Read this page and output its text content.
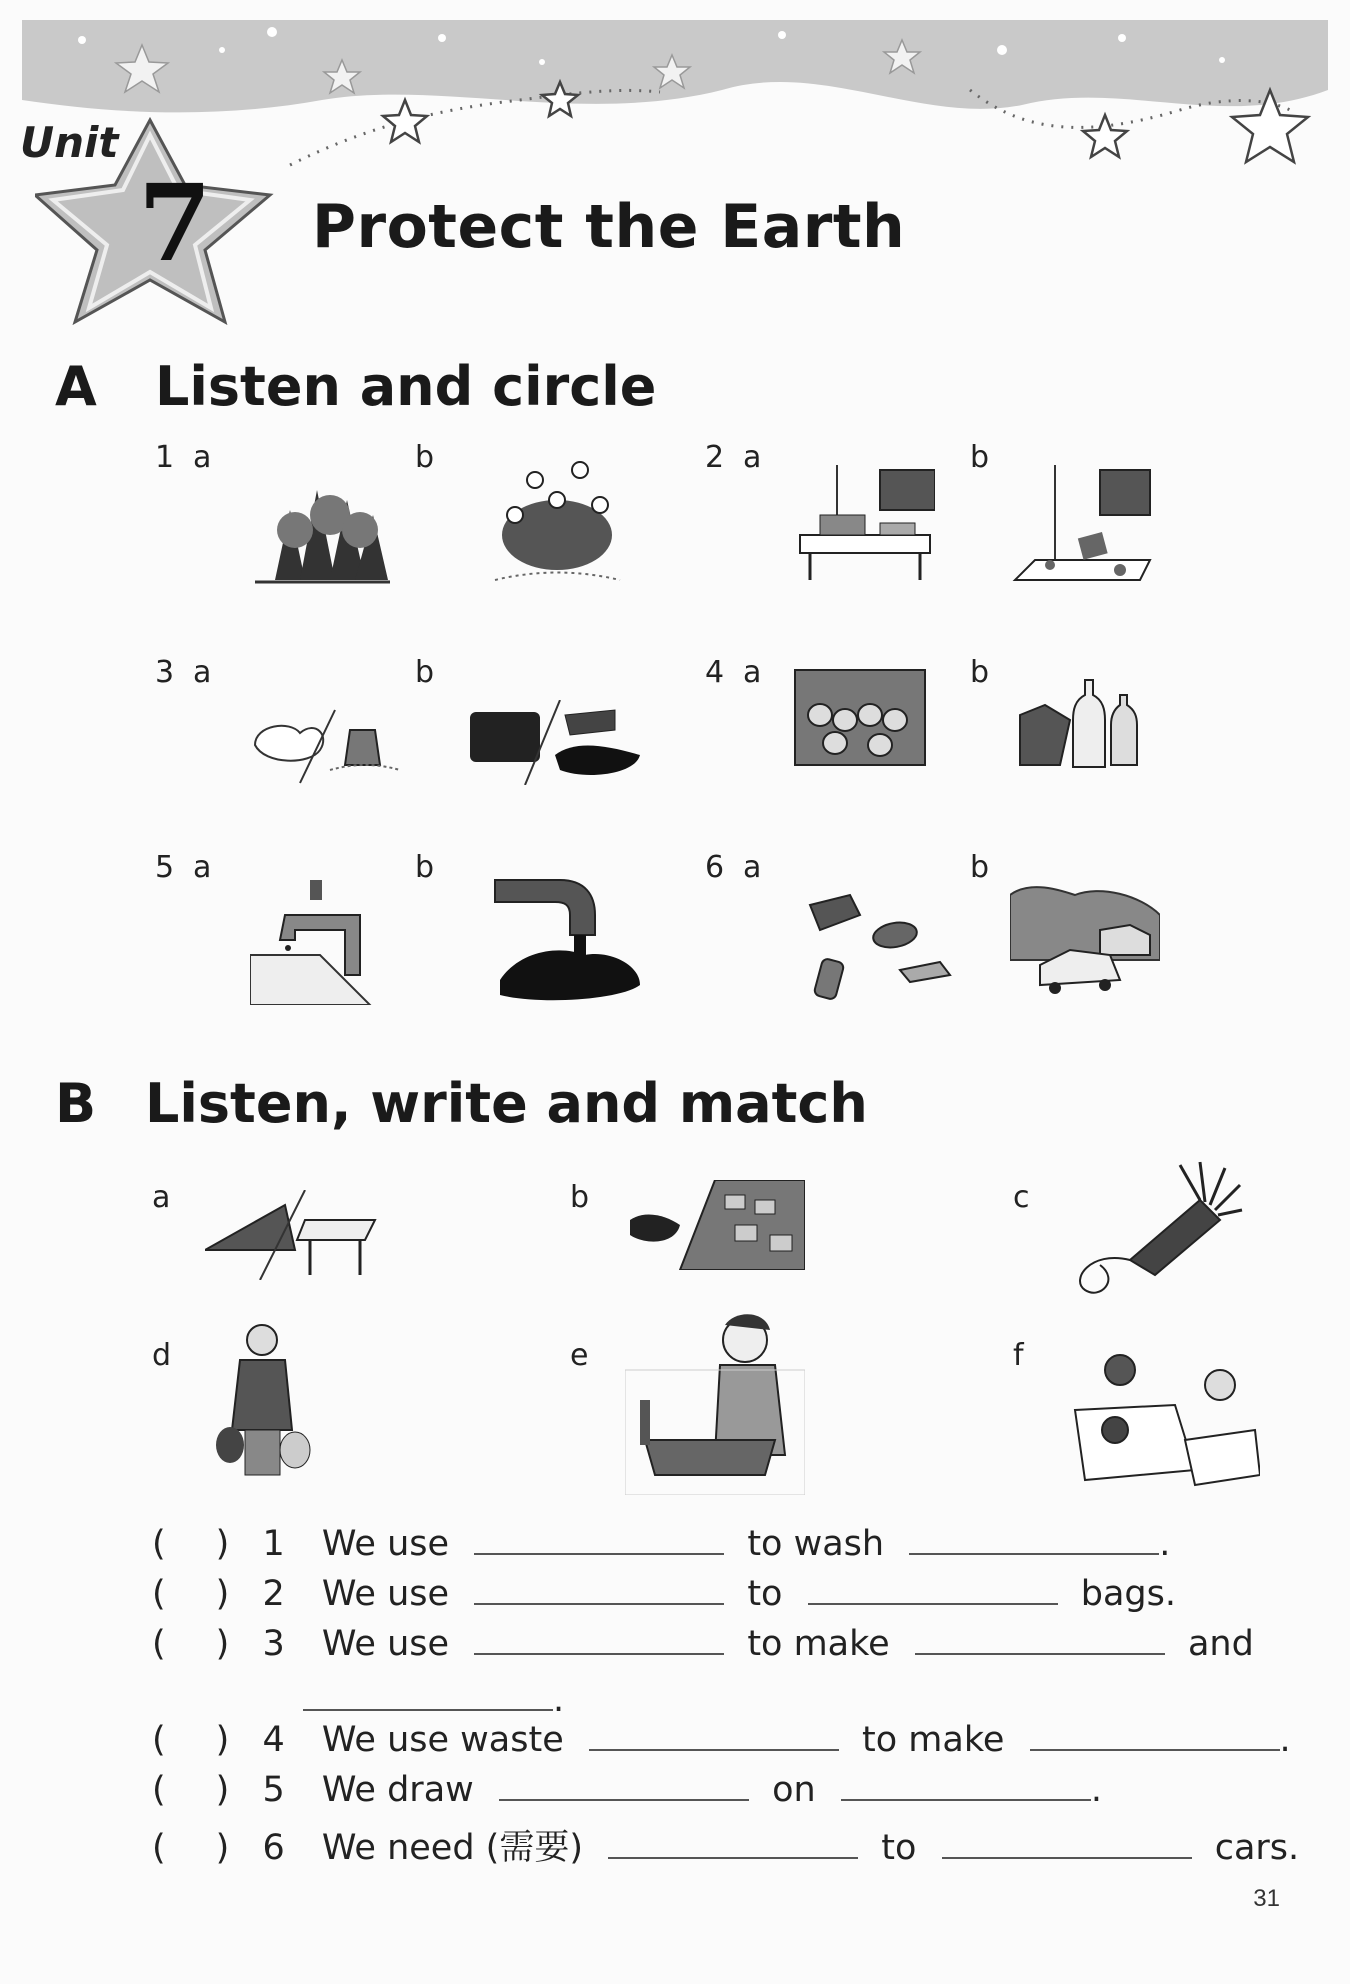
Unit
7 Protect the Earth
A Listen and circle
1 a	b	2 a	b
3 a	b	4 a	b
5 a	b	6 a	b
B Listen, write and match
a	b	c
d	e	f
( ) 1 We use	to wash	.
( ) 2 We use	to	bags.
( ) 3 We use	to make	and
.
( ) 4 We use waste	to make	.
( ) 5 We draw	on	.
( ) 6 We need (需要)	to	cars.
31
